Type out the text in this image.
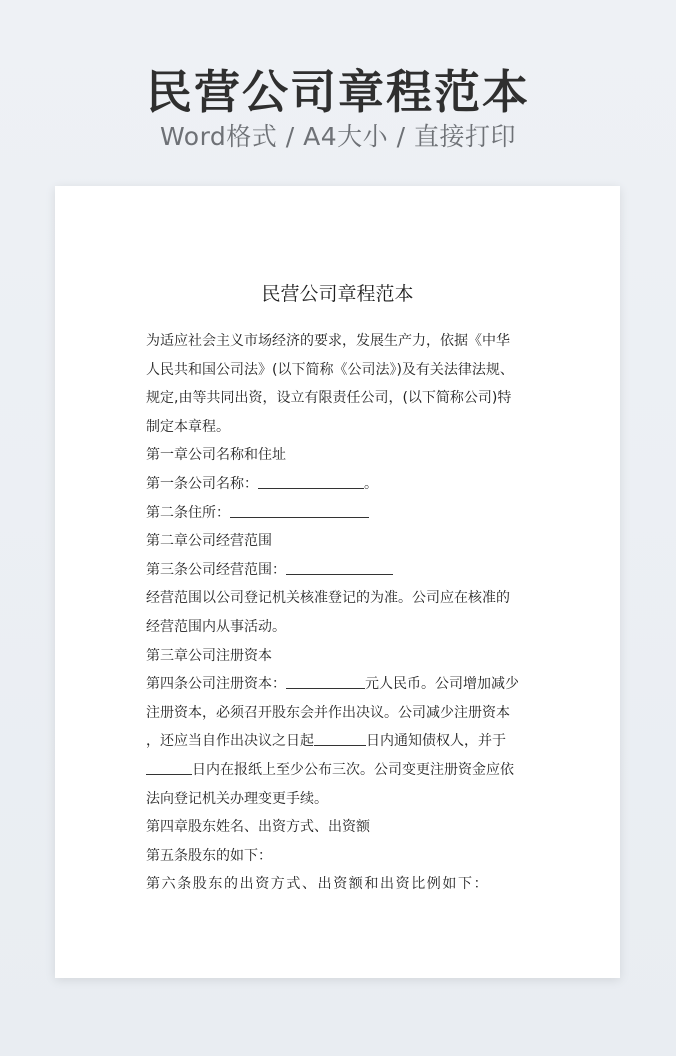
民营公司章程范本
Word格式 / A4大小 / 直接打印
民营公司章程范本
为适应社会主义市场经济的要求，发展生产力，依据《中华
人民共和国公司法》(以下简称《公司法》)及有关法律法规、
规定,由等共同出资，设立有限责任公司，(以下简称公司)特
制定本章程。
第一章公司名称和住址
第一条公司名称：	。
第二条住所：
第二章公司经营范围
第三条公司经营范围：
经营范围以公司登记机关核准登记的为准。公司应在核准的
经营范围内从事活动。
第三章公司注册资本
第四条公司注册资本：	元人民币。公司增加减少
注册资本，必须召开股东会并作出决议。公司减少注册资本
，还应当自作出决议之日起	日内通知债权人，并于
日内在报纸上至少公布三次。公司变更注册资金应依
法向登记机关办理变更手续。
第四章股东姓名、出资方式、出资额
第五条股东的如下：
第六条股东的出资方式、出资额和出资比例如下：
